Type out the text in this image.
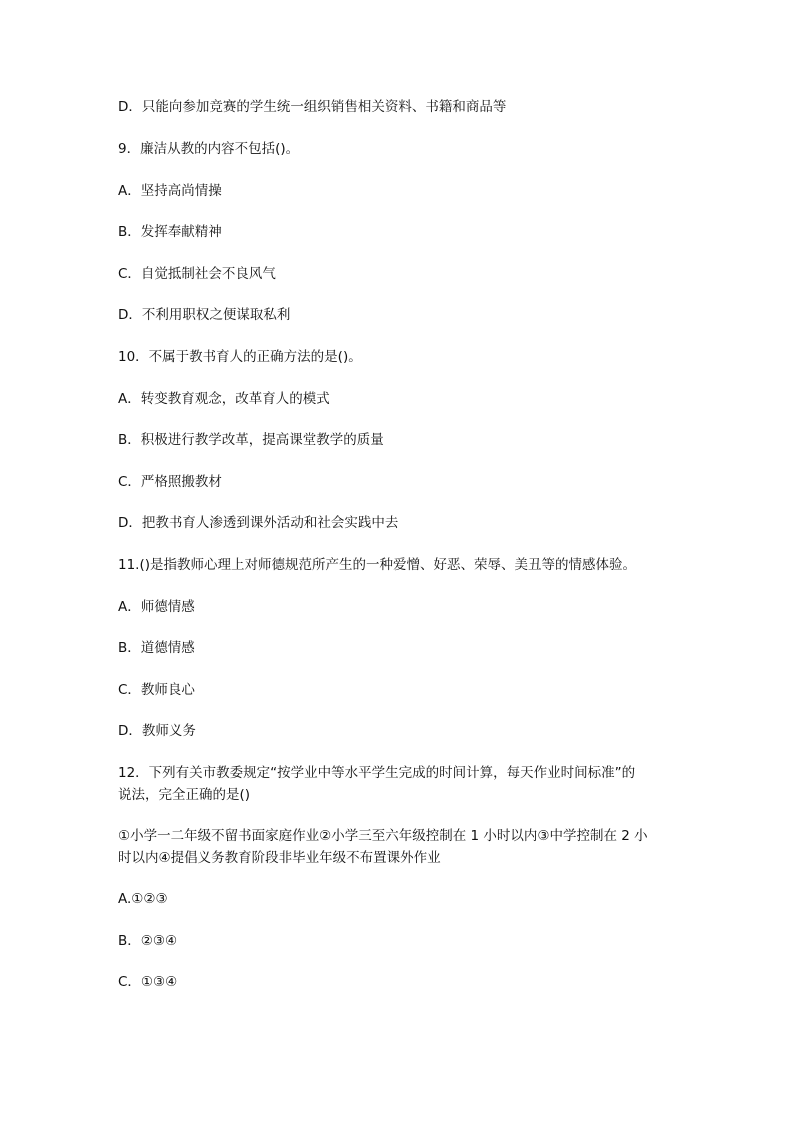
D．只能向参加竞赛的学生统一组织销售相关资料、书籍和商品等
9．廉洁从教的内容不包括()。
A．坚持高尚情操
B．发挥奉献精神
C．自觉抵制社会不良风气
D．不利用职权之便谋取私利
10．不属于教书育人的正确方法的是()。
A．转变教育观念，改革育人的模式
B．积极进行教学改革，提高课堂教学的质量
C．严格照搬教材
D．把教书育人渗透到课外活动和社会实践中去
11.()是指教师心理上对师德规范所产生的一种爱憎、好恶、荣辱、美丑等的情感体验。
A．师德情感
B．道德情感
C．教师良心
D．教师义务
12．下列有关市教委规定“按学业中等水平学生完成的时间计算，每天作业时间标准”的
说法，完全正确的是()
①小学一二年级不留书面家庭作业②小学三至六年级控制在 1 小时以内③中学控制在 2 小
时以内④提倡义务教育阶段非毕业年级不布置课外作业
A.①②③
B．②③④
C．①③④
